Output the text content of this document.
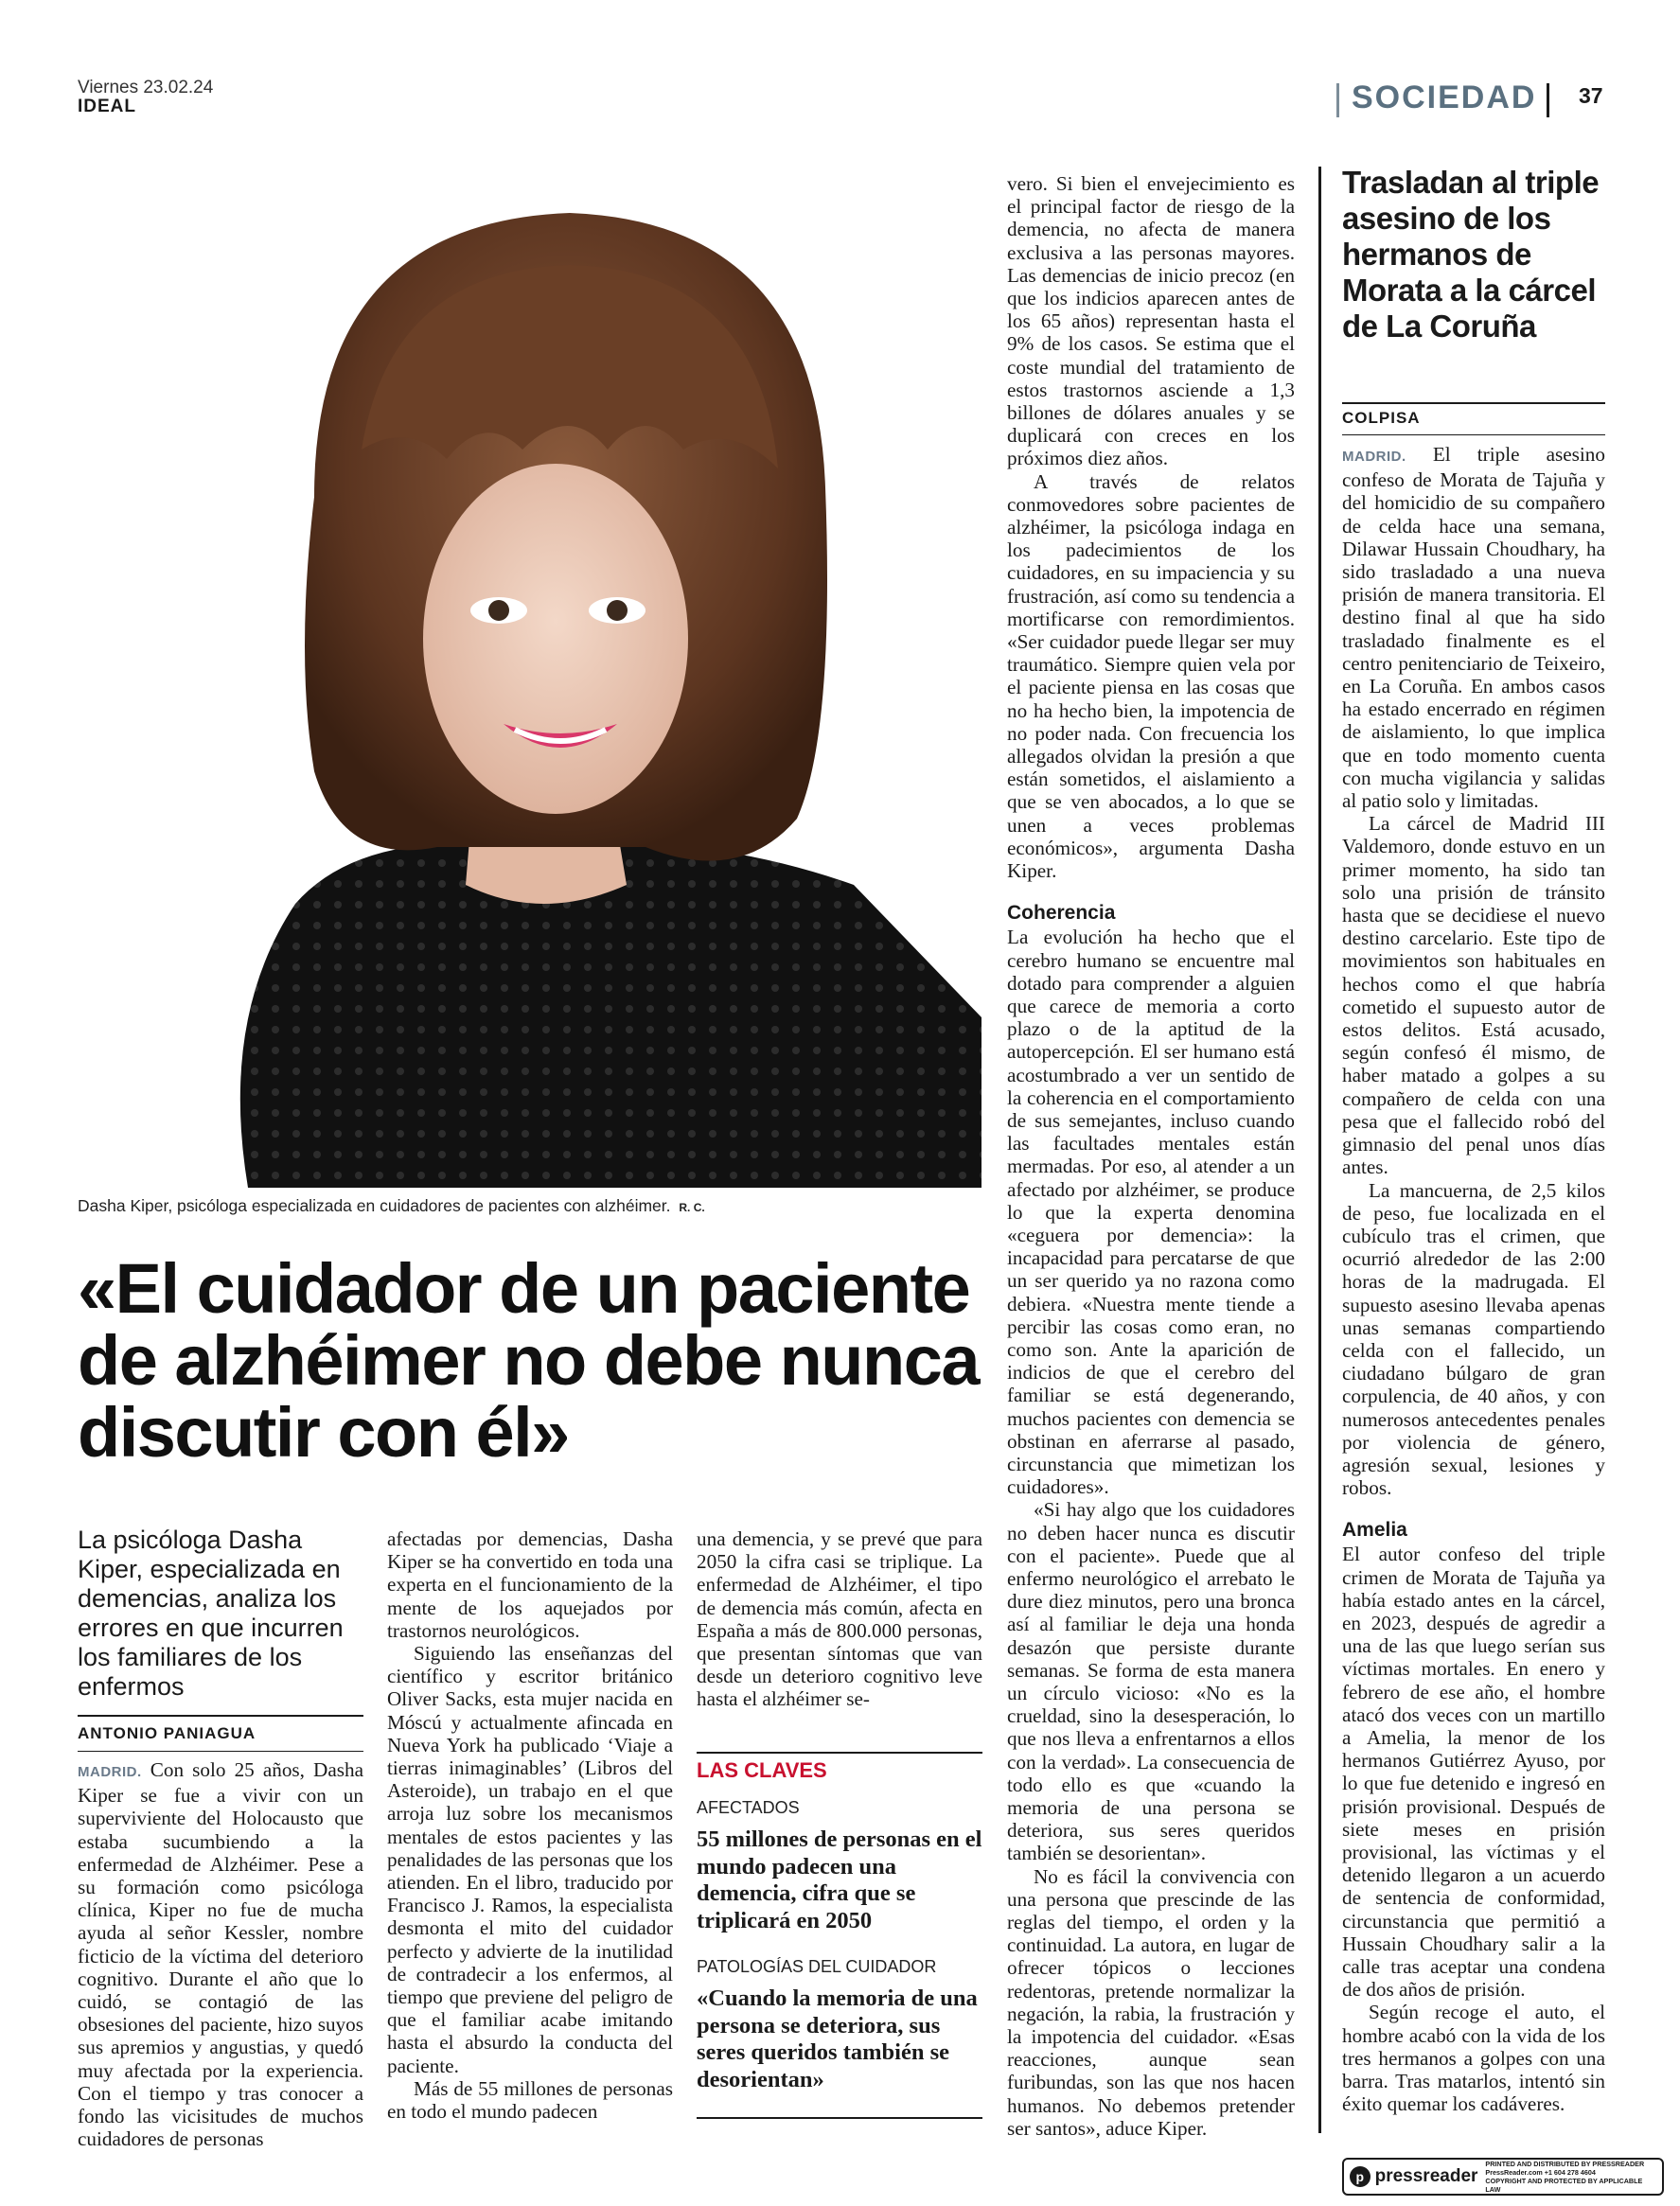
Viernes 23.02.24
IDEAL	SOCIEDAD 37
Dasha Kiper, psicóloga especializada en cuidadores de pacientes con alzhéimer. R. C.
«El cuidador de un paciente de alzhéimer no debe nunca discutir con él»
La psicóloga Dasha Kiper, especializada en demencias, analiza los errores en que incurren los familiares de los enfermos
ANTONIO PANIAGUA

MADRID. Con solo 25 años, Dasha Kiper se fue a vivir con un superviviente del Holocausto que estaba sucumbiendo a la enfermedad de Alzhéimer. Pese a su formación como psicóloga clínica, Kiper no fue de mucha ayuda al señor Kessler, nombre ficticio de la víctima del deterioro cognitivo. Durante el año que lo cuidó, se contagió de las obsesiones del paciente, hizo suyos sus apremios y angustias, y quedó muy afectada por la experiencia. Con el tiempo y tras conocer a fondo las vicisitudes de muchos cuidadores de personas

afectadas por demencias, Dasha Kiper se ha convertido en toda una experta en el funcionamiento de la mente de los aquejados por trastornos neurológicos.

Siguiendo las enseñanzas del científico y escritor británico Oliver Sacks, esta mujer nacida en Móscú y actualmente afincada en Nueva York ha publicado ‘Viaje a tierras inimaginables’ (Libros del Asteroide), un trabajo en el que arroja luz sobre los mecanismos mentales de estos pacientes y las penalidades de las personas que los atienden. En el libro, traducido por Francisco J. Ramos, la especialista desmonta el mito del cuidador perfecto y advierte de la inutilidad de contradecir a los enfermos, al tiempo que previene del peligro de que el familiar acabe imitando hasta el absurdo la conducta del paciente.

Más de 55 millones de personas en todo el mundo padecen

una demencia, y se prevé que para 2050 la cifra casi se triplique. La enfermedad de Alzhéimer, el tipo de demencia más común, afecta en España a más de 800.000 personas, que presentan síntomas que van desde un deterioro cognitivo leve hasta el alzhéimer se-

LAS CLAVES
AFECTADOS
55 millones de personas en el mundo padecen una demencia, cifra que se triplicará en 2050
PATOLOGÍAS DEL CUIDADOR
«Cuando la memoria de una persona se deteriora, sus seres queridos también se desorientan»

vero. Si bien el envejecimiento es el principal factor de riesgo de la demencia, no afecta de manera exclusiva a las personas mayores. Las demencias de inicio precoz (en que los indicios aparecen antes de los 65 años) representan hasta el 9% de los casos. Se estima que el coste mundial del tratamiento de estos trastornos asciende a 1,3 billones de dólares anuales y se duplicará con creces en los próximos diez años.

A través de relatos conmovedores sobre pacientes de alzhéimer, la psicóloga indaga en los padecimientos de los cuidadores, en su impaciencia y su frustración, así como su tendencia a mortificarse con remordimientos. «Ser cuidador puede llegar ser muy traumático. Siempre quien vela por el paciente piensa en las cosas que no ha hecho bien, la impotencia de no poder nada. Con frecuencia los allegados olvidan la presión a que están sometidos, el aislamiento a que se ven abocados, a lo que se unen a veces problemas económicos», argumenta Dasha Kiper.

Coherencia

La evolución ha hecho que el cerebro humano se encuentre mal dotado para comprender a alguien que carece de memoria a corto plazo o de la aptitud de la autopercepción. El ser humano está acostumbrado a ver un sentido de la coherencia en el comportamiento de sus semejantes, incluso cuando las facultades mentales están mermadas. Por eso, al atender a un afectado por alzhéimer, se produce lo que la experta denomina «ceguera por demencia»: la incapacidad para percatarse de que un ser querido ya no razona como debiera. «Nuestra mente tiende a percibir las cosas como eran, no como son. Ante la aparición de indicios de que el cerebro del familiar se está degenerando, muchos pacientes con demencia se obstinan en aferrarse al pasado, circunstancia que mimetizan los cuidadores».

«Si hay algo que los cuidadores no deben hacer nunca es discutir con el paciente». Puede que al enfermo neurológico el arrebato le dure diez minutos, pero una bronca así al familiar le deja una honda desazón que persiste durante semanas. Se forma de esta manera un círculo vicioso: «No es la crueldad, sino la desesperación, lo que nos lleva a enfrentarnos a ellos con la verdad». La consecuencia de todo ello es que «cuando la memoria de una persona se deteriora, sus seres queridos también se desorientan».

No es fácil la convivencia con una persona que prescinde de las reglas del tiempo, el orden y la continuidad. La autora, en lugar de ofrecer tópicos o lecciones redentoras, pretende normalizar la negación, la rabia, la frustración y la impotencia del cuidador. «Esas reacciones, aunque sean furibundas, son las que nos hacen humanos. No debemos pretender ser santos», aduce Kiper.

Trasladan al triple asesino de los hermanos de Morata a la cárcel de La Coruña
COLPISA

MADRID. El triple asesino confeso de Morata de Tajuña y del homicidio de su compañero de celda hace una semana, Dilawar Hussain Choudhary, ha sido trasladado a una nueva prisión de manera transitoria. El destino final al que ha sido trasladado finalmente es el centro penitenciario de Teixeiro, en La Coruña. En ambos casos ha estado encerrado en régimen de aislamiento, lo que implica que en todo momento cuenta con mucha vigilancia y salidas al patio solo y limitadas.

La cárcel de Madrid III Valdemoro, donde estuvo en un primer momento, ha sido tan solo una prisión de tránsito hasta que se decidiese el nuevo destino carcelario. Este tipo de movimientos son habituales en hechos como el que habría cometido el supuesto autor de estos delitos. Está acusado, según confesó él mismo, de haber matado a golpes a su compañero de celda con una pesa que el fallecido robó del gimnasio del penal unos días antes.

La mancuerna, de 2,5 kilos de peso, fue localizada en el cubículo tras el crimen, que ocurrió alrededor de las 2:00 horas de la madrugada. El supuesto asesino llevaba apenas unas semanas compartiendo celda con el fallecido, un ciudadano búlgaro de gran corpulencia, de 40 años, y con numerosos antecedentes penales por violencia de género, agresión sexual, lesiones y robos.

Amelia

El autor confeso del triple crimen de Morata de Tajuña ya había estado antes en la cárcel, en 2023, después de agredir a una de las que luego serían sus víctimas mortales. En enero y febrero de ese año, el hombre atacó dos veces con un martillo a Amelia, la menor de los hermanos Gutiérrez Ayuso, por lo que fue detenido e ingresó en prisión provisional. Después de siete meses en prisión provisional, las víctimas y el detenido llegaron a un acuerdo de sentencia de conformidad, circunstancia que permitió a Hussain Choudhary salir a la calle tras aceptar una condena de dos años de prisión.

Según recoge el auto, el hombre acabó con la vida de los tres hermanos a golpes con una barra. Tras matarlos, intentó sin éxito quemar los cadáveres.

p pressreader
PRINTED AND DISTRIBUTED BY PRESSREADER
PressReader.com +1 604 278 4604
COPYRIGHT AND PROTECTED BY APPLICABLE LAW
